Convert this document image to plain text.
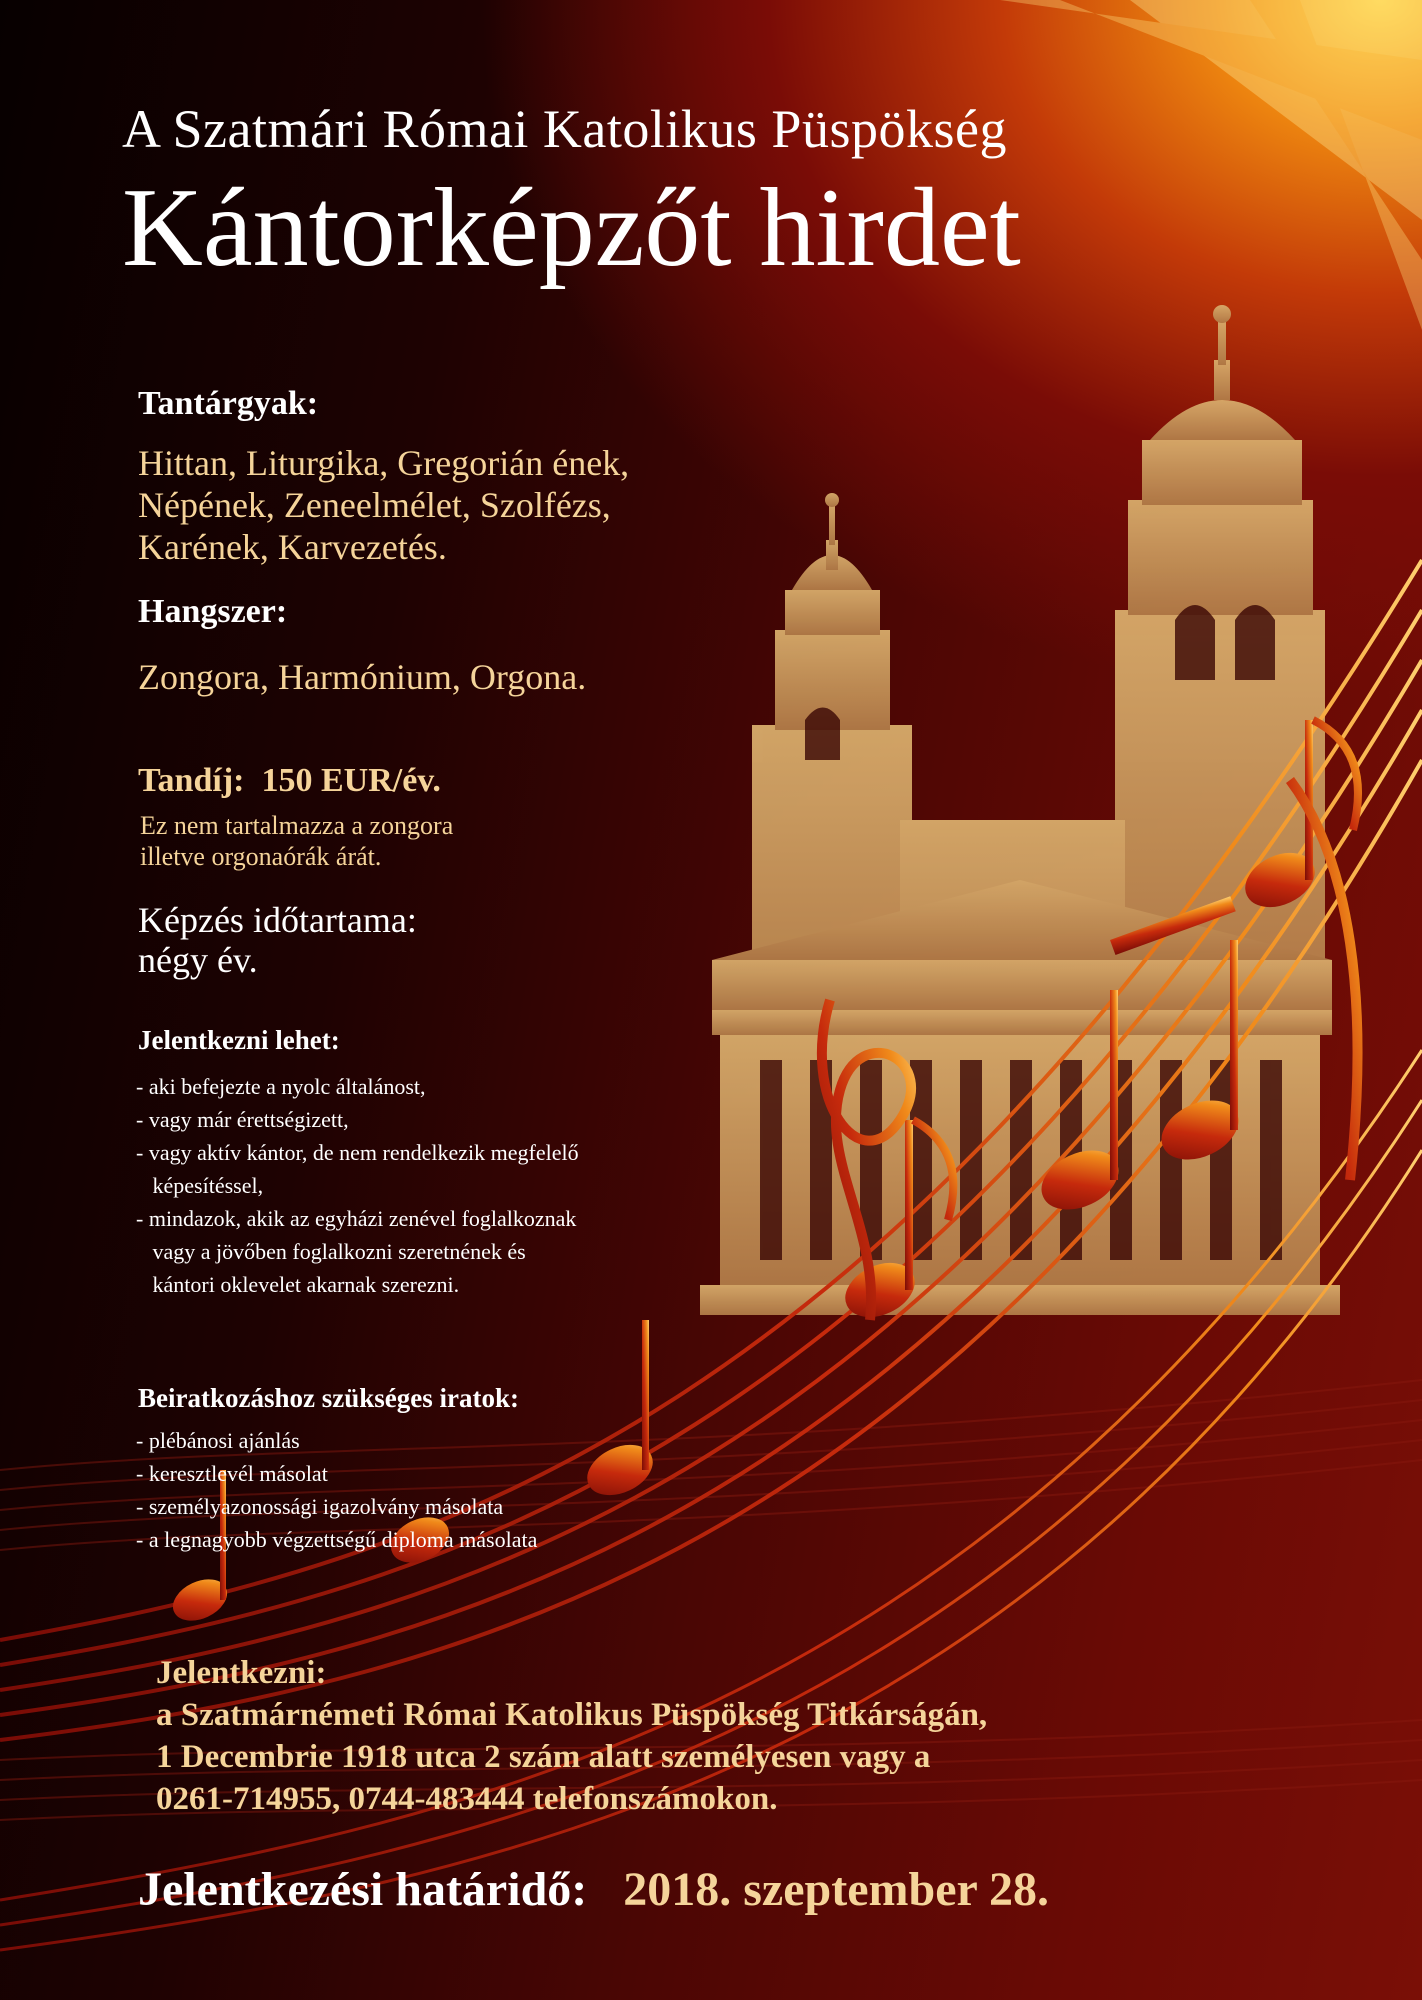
A Szatmári Római Katolikus Püspökség
Kántorképzőt hirdet
Tantárgyak:
Hittan, Liturgika, Gregorián ének,
Népének, Zeneelmélet, Szolfézs,
Karének, Karvezetés.
Hangszer:
Zongora, Harmónium, Orgona.
Tandíj: 150 EUR/év.
Ez nem tartalmazza a zongora
illetve orgonaórák árát.
Képzés időtartama:
négy év.
Jelentkezni lehet:
- aki befejezte a nyolc általánost,
- vagy már érettségizett,
- vagy aktív kántor, de nem rendelkezik megfelelő
képesítéssel,
- mindazok, akik az egyházi zenével foglalkoznak
vagy a jövőben foglalkozni szeretnének és
kántori oklevelet akarnak szerezni.
Beiratkozáshoz szükséges iratok:
- plébánosi ajánlás
- keresztlevél másolat
- személyazonossági igazolvány másolata
- a legnagyobb végzettségű diploma másolata
Jelentkezni:
a Szatmárnémeti Római Katolikus Püspökség Titkárságán,
1 Decembrie 1918 utca 2 szám alatt személyesen vagy a
0261-714955, 0744-483444 telefonszámokon.
Jelentkezési határidő: 2018. szeptember 28.
